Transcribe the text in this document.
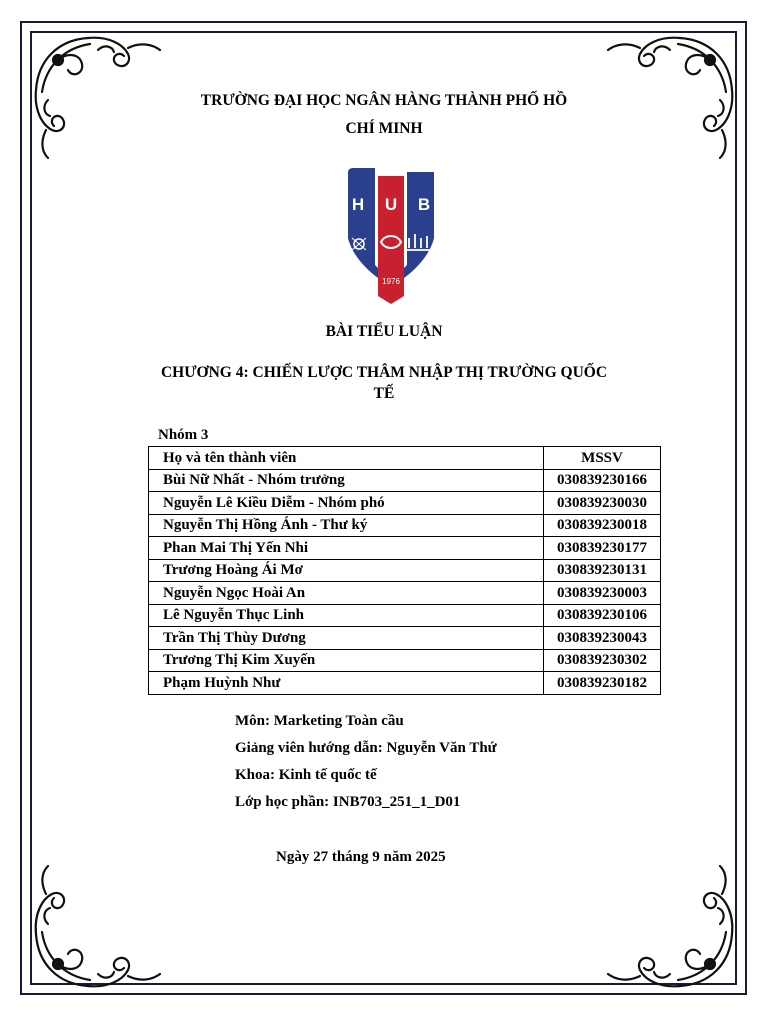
TRƯỜNG ĐẠI HỌC NGÂN HÀNG THÀNH PHỐ HỒ
CHÍ MINH
H U B
1976
BÀI TIỂU LUẬN
CHƯƠNG 4: CHIẾN LƯỢC THÂM NHẬP THỊ TRƯỜNG QUỐC
TẾ
Nhóm 3
Họ và tên thành viên	MSSV
Bùi Nữ Nhất - Nhóm trưởng	030839230166
Nguyễn Lê Kiều Diễm - Nhóm phó	030839230030
Nguyễn Thị Hồng Ánh - Thư ký	030839230018
Phan Mai Thị Yến Nhi	030839230177
Trương Hoàng Ái Mơ	030839230131
Nguyễn Ngọc Hoài An	030839230003
Lê Nguyễn Thục Linh	030839230106
Trần Thị Thùy Dương	030839230043
Trương Thị Kim Xuyến	030839230302
Phạm Huỳnh Như	030839230182
Môn: Marketing Toàn cầu
Giảng viên hướng dẫn: Nguyễn Văn Thứ
Khoa: Kinh tế quốc tế
Lớp học phần: INB703_251_1_D01
Ngày 27 tháng 9 năm 2025
